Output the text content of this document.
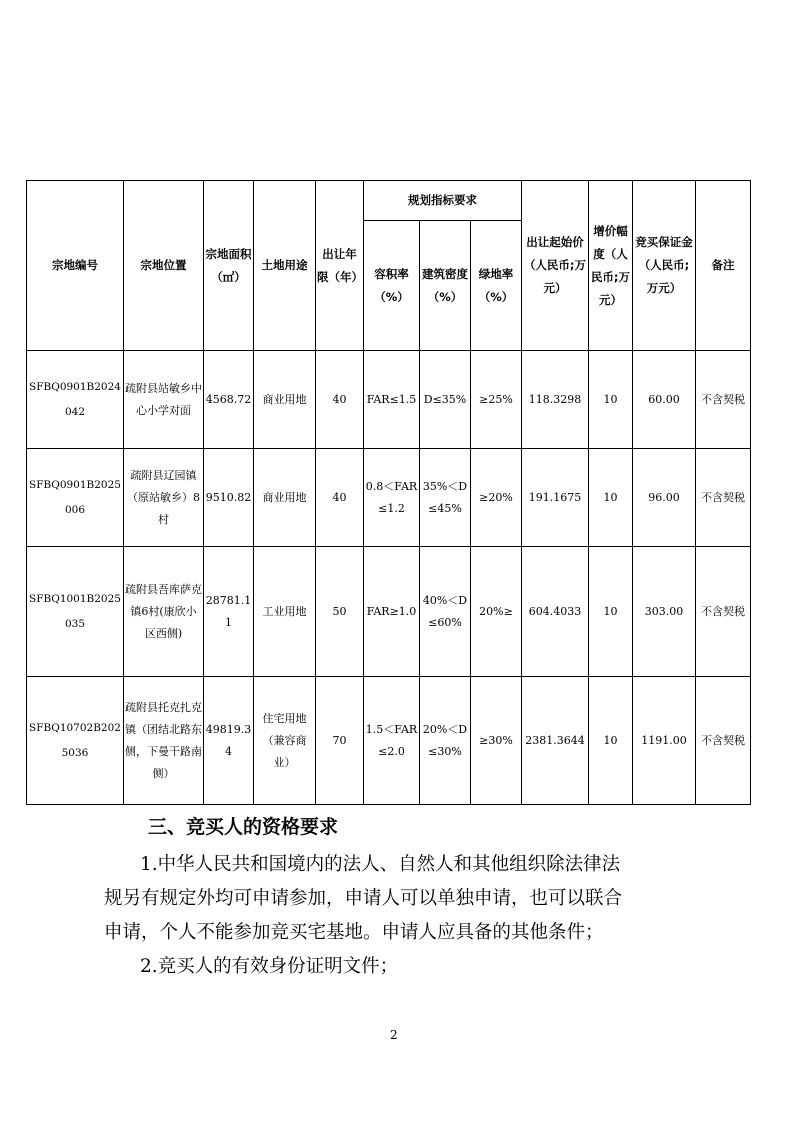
宗地编号	宗地位置	宗地面积（㎡）	土地用途	出让年限（年）	规划指标要求			出让起始价（人民币;万元）	增价幅度（人民币;万元）	竞买保证金（人民币;万元）	备注
					容积率（%）	建筑密度（%）	绿地率（%）				
SFBQ0901B2024042	疏附县站敏乡中心小学对面	4568.72	商业用地	40	FAR≤1.5	D≤35%	≥25%	118.3298	10	60.00	不含契税
SFBQ0901B2025006	疏附县辽园镇（原站敏乡）8村	9510.82	商业用地	40	0.8＜FAR≤1.2	35%＜D≤45%	≥20%	191.1675	10	96.00	不含契税
SFBQ1001B2025035	疏附县吾库萨克镇6村(康欣小区西侧)	28781.11	工业用地	50	FAR≥1.0	40%＜D≤60%	20%≥	604.4033	10	303.00	不含契税
SFBQ10702B2025036	疏附县托克扎克镇（团结北路东侧，下曼干路南侧）	49819.34	住宅用地（兼容商业）	70	1.5＜FAR≤2.0	20%＜D≤30%	≥30%	2381.3644	10	1191.00	不含契税
三、竞买人的资格要求

1.中华人民共和国境内的法人、自然人和其他组织除法律法

规另有规定外均可申请参加，申请人可以单独申请，也可以联合

申请，个人不能参加竞买宅基地。申请人应具备的其他条件；

2.竞买人的有效身份证明文件；

2
